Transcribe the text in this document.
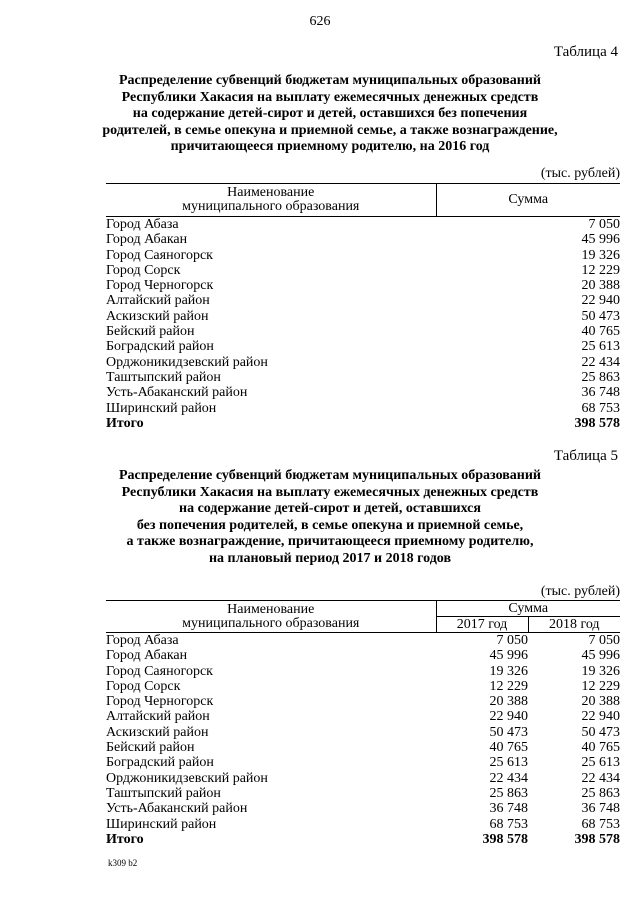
626
Таблица 4
Распределение субвенций бюджетам муниципальных образований
Республики Хакасия на выплату ежемесячных денежных средств
на содержание детей-сирот и детей, оставшихся без попечения
родителей, в семье опекуна и приемной семье, а также вознаграждение,
причитающееся приемному родителю, на 2016 год
(тыс. рублей)
Наименование
муниципального образования	Сумма
Город Абаза	7 050
Город Абакан	45 996
Город Саяногорск	19 326
Город Сорск	12 229
Город Черногорск	20 388
Алтайский район	22 940
Аскизский район	50 473
Бейский район	40 765
Боградский район	25 613
Орджоникидзевский район	22 434
Таштыпский район	25 863
Усть-Абаканский район	36 748
Ширинский район	68 753
Итого	398 578
Таблица 5
Распределение субвенций бюджетам муниципальных образований
Республики Хакасия на выплату ежемесячных денежных средств
на содержание детей-сирот и детей, оставшихся
без попечения родителей, в семье опекуна и приемной семье,
а также вознаграждение, причитающееся приемному родителю,
на плановый период 2017 и 2018 годов
(тыс. рублей)
Наименование
муниципального образования	Сумма	
	2017 год	2018 год
Город Абаза	7 050	7 050
Город Абакан	45 996	45 996
Город Саяногорск	19 326	19 326
Город Сорск	12 229	12 229
Город Черногорск	20 388	20 388
Алтайский район	22 940	22 940
Аскизский район	50 473	50 473
Бейский район	40 765	40 765
Боградский район	25 613	25 613
Орджоникидзевский район	22 434	22 434
Таштыпский район	25 863	25 863
Усть-Абаканский район	36 748	36 748
Ширинский район	68 753	68 753
Итого	398 578	398 578
k309 b2
